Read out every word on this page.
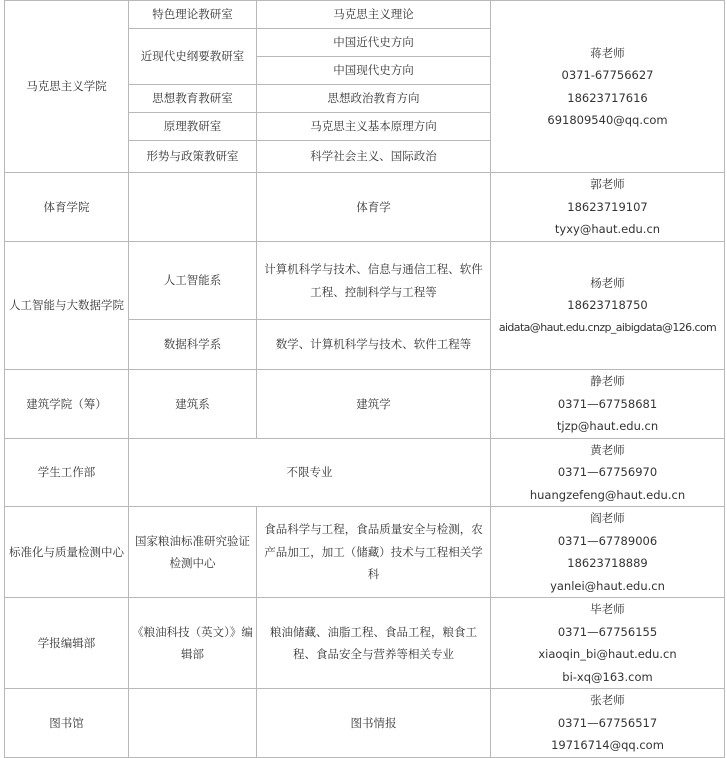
马克思主义学院	特色理论教研室	马克思主义理论	蒋老师
0371-67756627
18623717616
691809540@qq.com

	近现代史纲要教研室	中国近代史方向	
		中国现代史方向	
	思想教育教研室	思想政治教育方向	
	原理教研室	马克思主义基本原理方向	
	形势与政策教研室	科学社会主义、国际政治	
体育学院		体育学	郭老师
18623719107
tyxy@haut.edu.cn

人工智能与大数据学院	人工智能系	计算机科学与技术、信息与通信工程、软件工程、控制科学与工程等	杨老师
18623718750
aidata@haut.edu.cnzp_aibigdata@126.com

	数据科学系	数学、计算机科学与技术、软件工程等	
建筑学院（筹）	建筑系	建筑学	静老师
0371—67758681
tjzp@haut.edu.cn

学生工作部	不限专业		黄老师
0371—67756970
huangzefeng@haut.edu.cn

标准化与质量检测中心	国家粮油标准研究验证检测中心	食品科学与工程，食品质量安全与检测，农产品加工，加工（储藏）技术与工程相关学科	阎老师
0371—67789006
18623718889
yanlei@haut.edu.cn

学报编辑部	《粮油科技（英文）》编辑部	粮油储藏、油脂工程、食品工程，粮食工程、食品安全与营养等相关专业	毕老师
0371—67756155
xiaoqin_bi@haut.edu.cn
bi-xq@163.com

图书馆		图书情报	张老师
0371—67756517
19716714@qq.com
